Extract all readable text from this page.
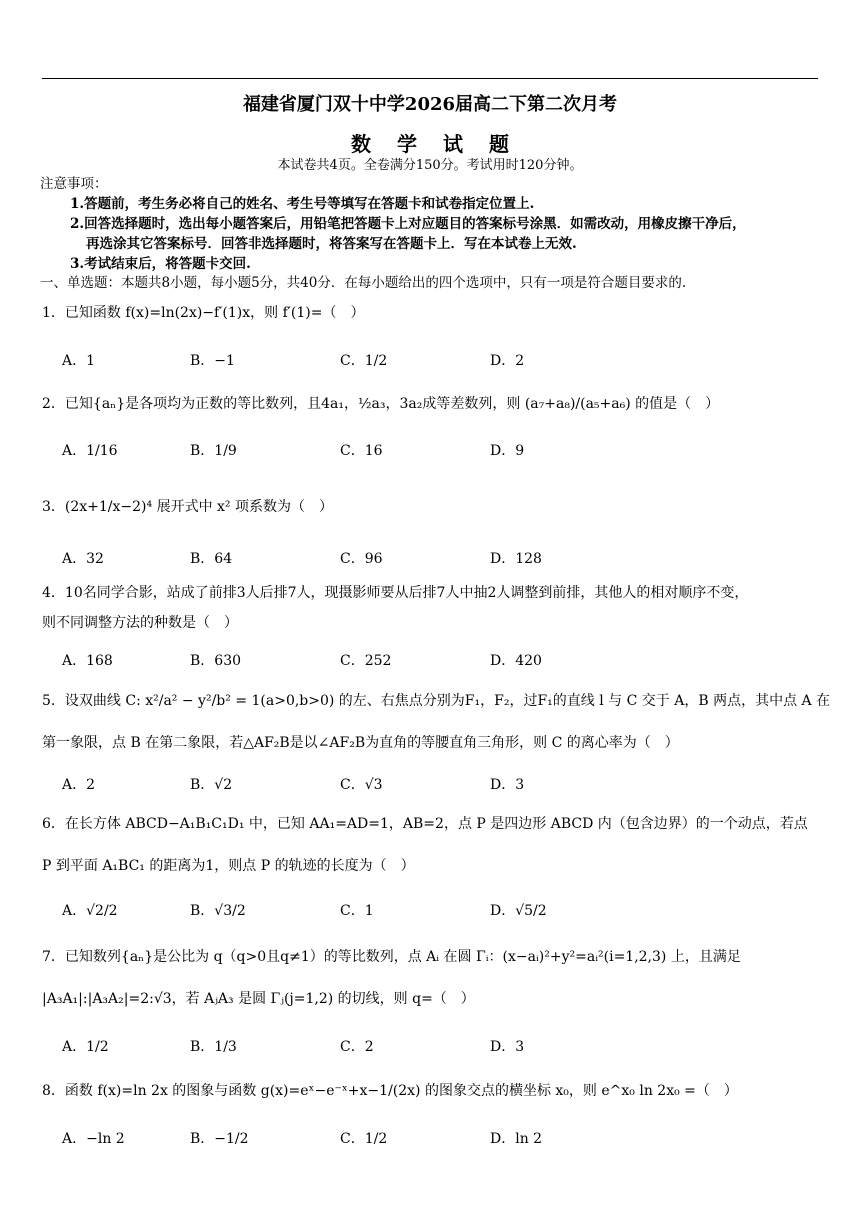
福建省厦门双十中学2026届高二下第二次月考
数学试题
本试卷共4页。全卷满分150分。考试用时120分钟。
注意事项：
1.答题前，考生务必将自己的姓名、考生号等填写在答题卡和试卷指定位置上.
2.回答选择题时，选出每小题答案后，用铅笔把答题卡上对应题目的答案标号涂黑．如需改动，用橡皮擦干净后，
再选涂其它答案标号．回答非选择题时，将答案写在答题卡上．写在本试卷上无效.
3.考试结束后，将答题卡交回.
一、单选题：本题共8小题，每小题5分，共40分．在每小题给出的四个选项中，只有一项是符合题目要求的.
1．已知函数 f(x)=ln(2x)−f′(1)x，则 f′(1)=（　）
A．1	B．−1	C．1/2	D．2
2．已知{aₙ}是各项均为正数的等比数列，且4a₁，½a₃，3a₂成等差数列，则 (a₇+a₈)/(a₅+a₆) 的值是（　）
A．1/16	B．1/9	C．16	D．9
3．(2x+1/x−2)⁴ 展开式中 x² 项系数为（　）
A．32	B．64	C．96	D．128
4．10名同学合影，站成了前排3人后排7人，现摄影师要从后排7人中抽2人调整到前排，其他人的相对顺序不变，
则不同调整方法的种数是（　）
A．168	B．630	C．252	D．420
5．设双曲线 C: x²/a² − y²/b² = 1(a>0,b>0) 的左、右焦点分别为F₁，F₂，过F₁的直线 l 与 C 交于 A，B 两点，其中点 A 在
第一象限，点 B 在第二象限，若△AF₂B是以∠AF₂B为直角的等腰直角三角形，则 C 的离心率为（　）
A．2	B．√2	C．√3	D．3
6．在长方体 ABCD−A₁B₁C₁D₁ 中，已知 AA₁=AD=1，AB=2，点 P 是四边形 ABCD 内（包含边界）的一个动点，若点
P 到平面 A₁BC₁ 的距离为1，则点 P 的轨迹的长度为（　）
A．√2/2	B．√3/2	C．1	D．√5/2
7．已知数列{aₙ}是公比为 q（q>0且q≠1）的等比数列，点 Aᵢ 在圆 Γᵢ：(x−aᵢ)²+y²=aᵢ²(i=1,2,3) 上，且满足
|A₃A₁|:|A₃A₂|=2:√3，若 AⱼA₃ 是圆 Γⱼ(j=1,2) 的切线，则 q=（　）
A．1/2	B．1/3	C．2	D．3
8．函数 f(x)=ln 2x 的图象与函数 g(x)=eˣ−e⁻ˣ+x−1/(2x) 的图象交点的横坐标 x₀，则 e^x₀ ln 2x₀ =（　）
A．−ln 2	B．−1/2	C．1/2	D．ln 2
